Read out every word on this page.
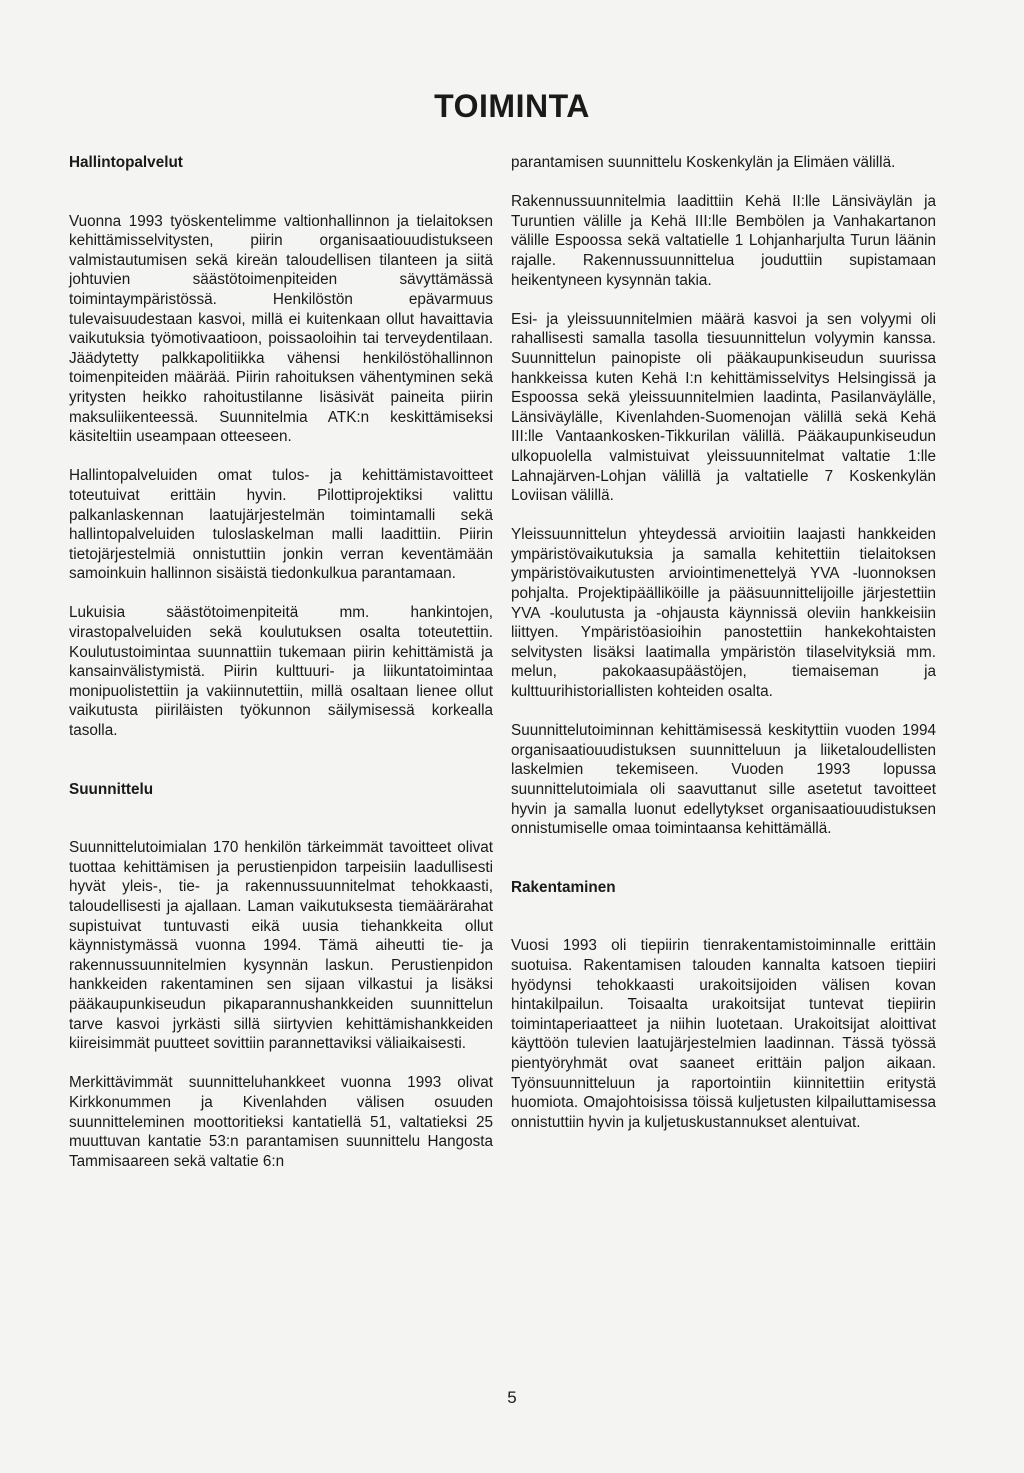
TOIMINTA
Hallintopalvelut

Vuonna 1993 työskentelimme valtionhallinnon ja tielaitoksen kehittämisselvitysten, piirin organisaatiouudistukseen valmistautumisen sekä kireän taloudellisen tilanteen ja siitä johtuvien säästötoimenpiteiden sävyttämässä toimintaympäristössä. Henkilöstön epävarmuus tulevaisuudestaan kasvoi, millä ei kuitenkaan ollut havaittavia vaikutuksia työmotivaatioon, poissaoloihin tai terveydentilaan. Jäädytetty palkkapolitiikka vähensi henkilöstöhallinnon toimenpiteiden määrää. Piirin rahoituksen vähentyminen sekä yritysten heikko rahoitustilanne lisäsivät paineita piirin maksuliikenteessä. Suunnitelmia ATK:n keskittämiseksi käsiteltiin useampaan otteeseen.

Hallintopalveluiden omat tulos- ja kehittämistavoitteet toteutuivat erittäin hyvin. Pilottiprojektiksi valittu palkanlaskennan laatujärjestelmän toimintamalli sekä hallintopalveluiden tuloslaskelman malli laadittiin. Piirin tietojärjestelmiä onnistuttiin jonkin verran keventämään samoinkuin hallinnon sisäistä tiedonkulkua parantamaan.

Lukuisia säästötoimenpiteitä mm. hankintojen, virastopalveluiden sekä koulutuksen osalta toteutettiin. Koulutustoimintaa suunnattiin tukemaan piirin kehittämistä ja kansainvälistymistä. Piirin kulttuuri- ja liikuntatoimintaa monipuolistettiin ja vakiinnutettiin, millä osaltaan lienee ollut vaikutusta piiriläisten työkunnon säilymisessä korkealla tasolla.

Suunnittelu

Suunnittelutoimialan 170 henkilön tärkeimmät tavoitteet olivat tuottaa kehittämisen ja perustienpidon tarpeisiin laadullisesti hyvät yleis-, tie- ja rakennussuunnitelmat tehokkaasti, taloudellisesti ja ajallaan. Laman vaikutuksesta tiemäärärahat supistuivat tuntuvasti eikä uusia tiehankkeita ollut käynnistymässä vuonna 1994. Tämä aiheutti tie- ja rakennussuunnitelmien kysynnän laskun. Perustienpidon hankkeiden rakentaminen sen sijaan vilkastui ja lisäksi pääkaupunkiseudun pikaparannushankkeiden suunnittelun tarve kasvoi jyrkästi sillä siirtyvien kehittämishankkeiden kiireisimmät puutteet sovittiin parannettaviksi väliaikaisesti.

Merkittävimmät suunnitteluhankkeet vuonna 1993 olivat Kirkkonummen ja Kivenlahden välisen osuuden suunnitteleminen moottoritieksi kantatiellä 51, valtatieksi 25 muuttuvan kantatie 53:n parantamisen suunnittelu Hangosta Tammisaareen sekä valtatie 6:n

parantamisen suunnittelu Koskenkylän ja Elimäen välillä.

Rakennussuunnitelmia laadittiin Kehä II:lle Länsiväylän ja Turuntien välille ja Kehä III:lle Bembölen ja Vanhakartanon välille Espoossa sekä valtatielle 1 Lohjanharjulta Turun läänin rajalle. Rakennussuunnittelua jouduttiin supistamaan heikentyneen kysynnän takia.

Esi- ja yleissuunnitelmien määrä kasvoi ja sen volyymi oli rahallisesti samalla tasolla tiesuunnittelun volyymin kanssa. Suunnittelun painopiste oli pääkaupunkiseudun suurissa hankkeissa kuten Kehä I:n kehittämisselvitys Helsingissä ja Espoossa sekä yleissuunnitelmien laadinta, Pasilanväylälle, Länsiväylälle, Kivenlahden-Suomenojan välillä sekä Kehä III:lle Vantaankosken-Tikkurilan välillä. Pääkaupunkiseudun ulkopuolella valmistuivat yleissuunnitelmat valtatie 1:lle Lahnajärven-Lohjan välillä ja valtatielle 7 Koskenkylän Loviisan välillä.

Yleissuunnittelun yhteydessä arvioitiin laajasti hankkeiden ympäristövaikutuksia ja samalla kehitettiin tielaitoksen ympäristövaikutusten arviointimenettelyä YVA -luonnoksen pohjalta. Projektipäälliköille ja pääsuunnittelijoille järjestettiin YVA -koulutusta ja -ohjausta käynnissä oleviin hankkeisiin liittyen. Ympäristöasioihin panostettiin hankekohtaisten selvitysten lisäksi laatimalla ympäristön tilaselvityksiä mm. melun, pakokaasupäästöjen, tiemaiseman ja kulttuurihistoriallisten kohteiden osalta.

Suunnittelutoiminnan kehittämisessä keskityttiin vuoden 1994 organisaatiouudistuksen suunnitteluun ja liiketaloudellisten laskelmien tekemiseen. Vuoden 1993 lopussa suunnittelutoimiala oli saavuttanut sille asetetut tavoitteet hyvin ja samalla luonut edellytykset organisaatiouudistuksen onnistumiselle omaa toimintaansa kehittämällä.

Rakentaminen

Vuosi 1993 oli tiepiirin tienrakentamistoiminnalle erittäin suotuisa. Rakentamisen talouden kannalta katsoen tiepiiri hyödynsi tehokkaasti urakoitsijoiden välisen kovan hintakilpailun. Toisaalta urakoitsijat tuntevat tiepiirin toimintaperiaatteet ja niihin luotetaan. Urakoitsijat aloittivat käyttöön tulevien laatujärjestelmien laadinnan. Tässä työssä pientyöryhmät ovat saaneet erittäin paljon aikaan. Työnsuunnitteluun ja raportointiin kiinnitettiin eritystä huomiota. Omajohtoisissa töissä kuljetusten kilpailuttamisessa onnistuttiin hyvin ja kuljetuskustannukset alentuivat.

5
